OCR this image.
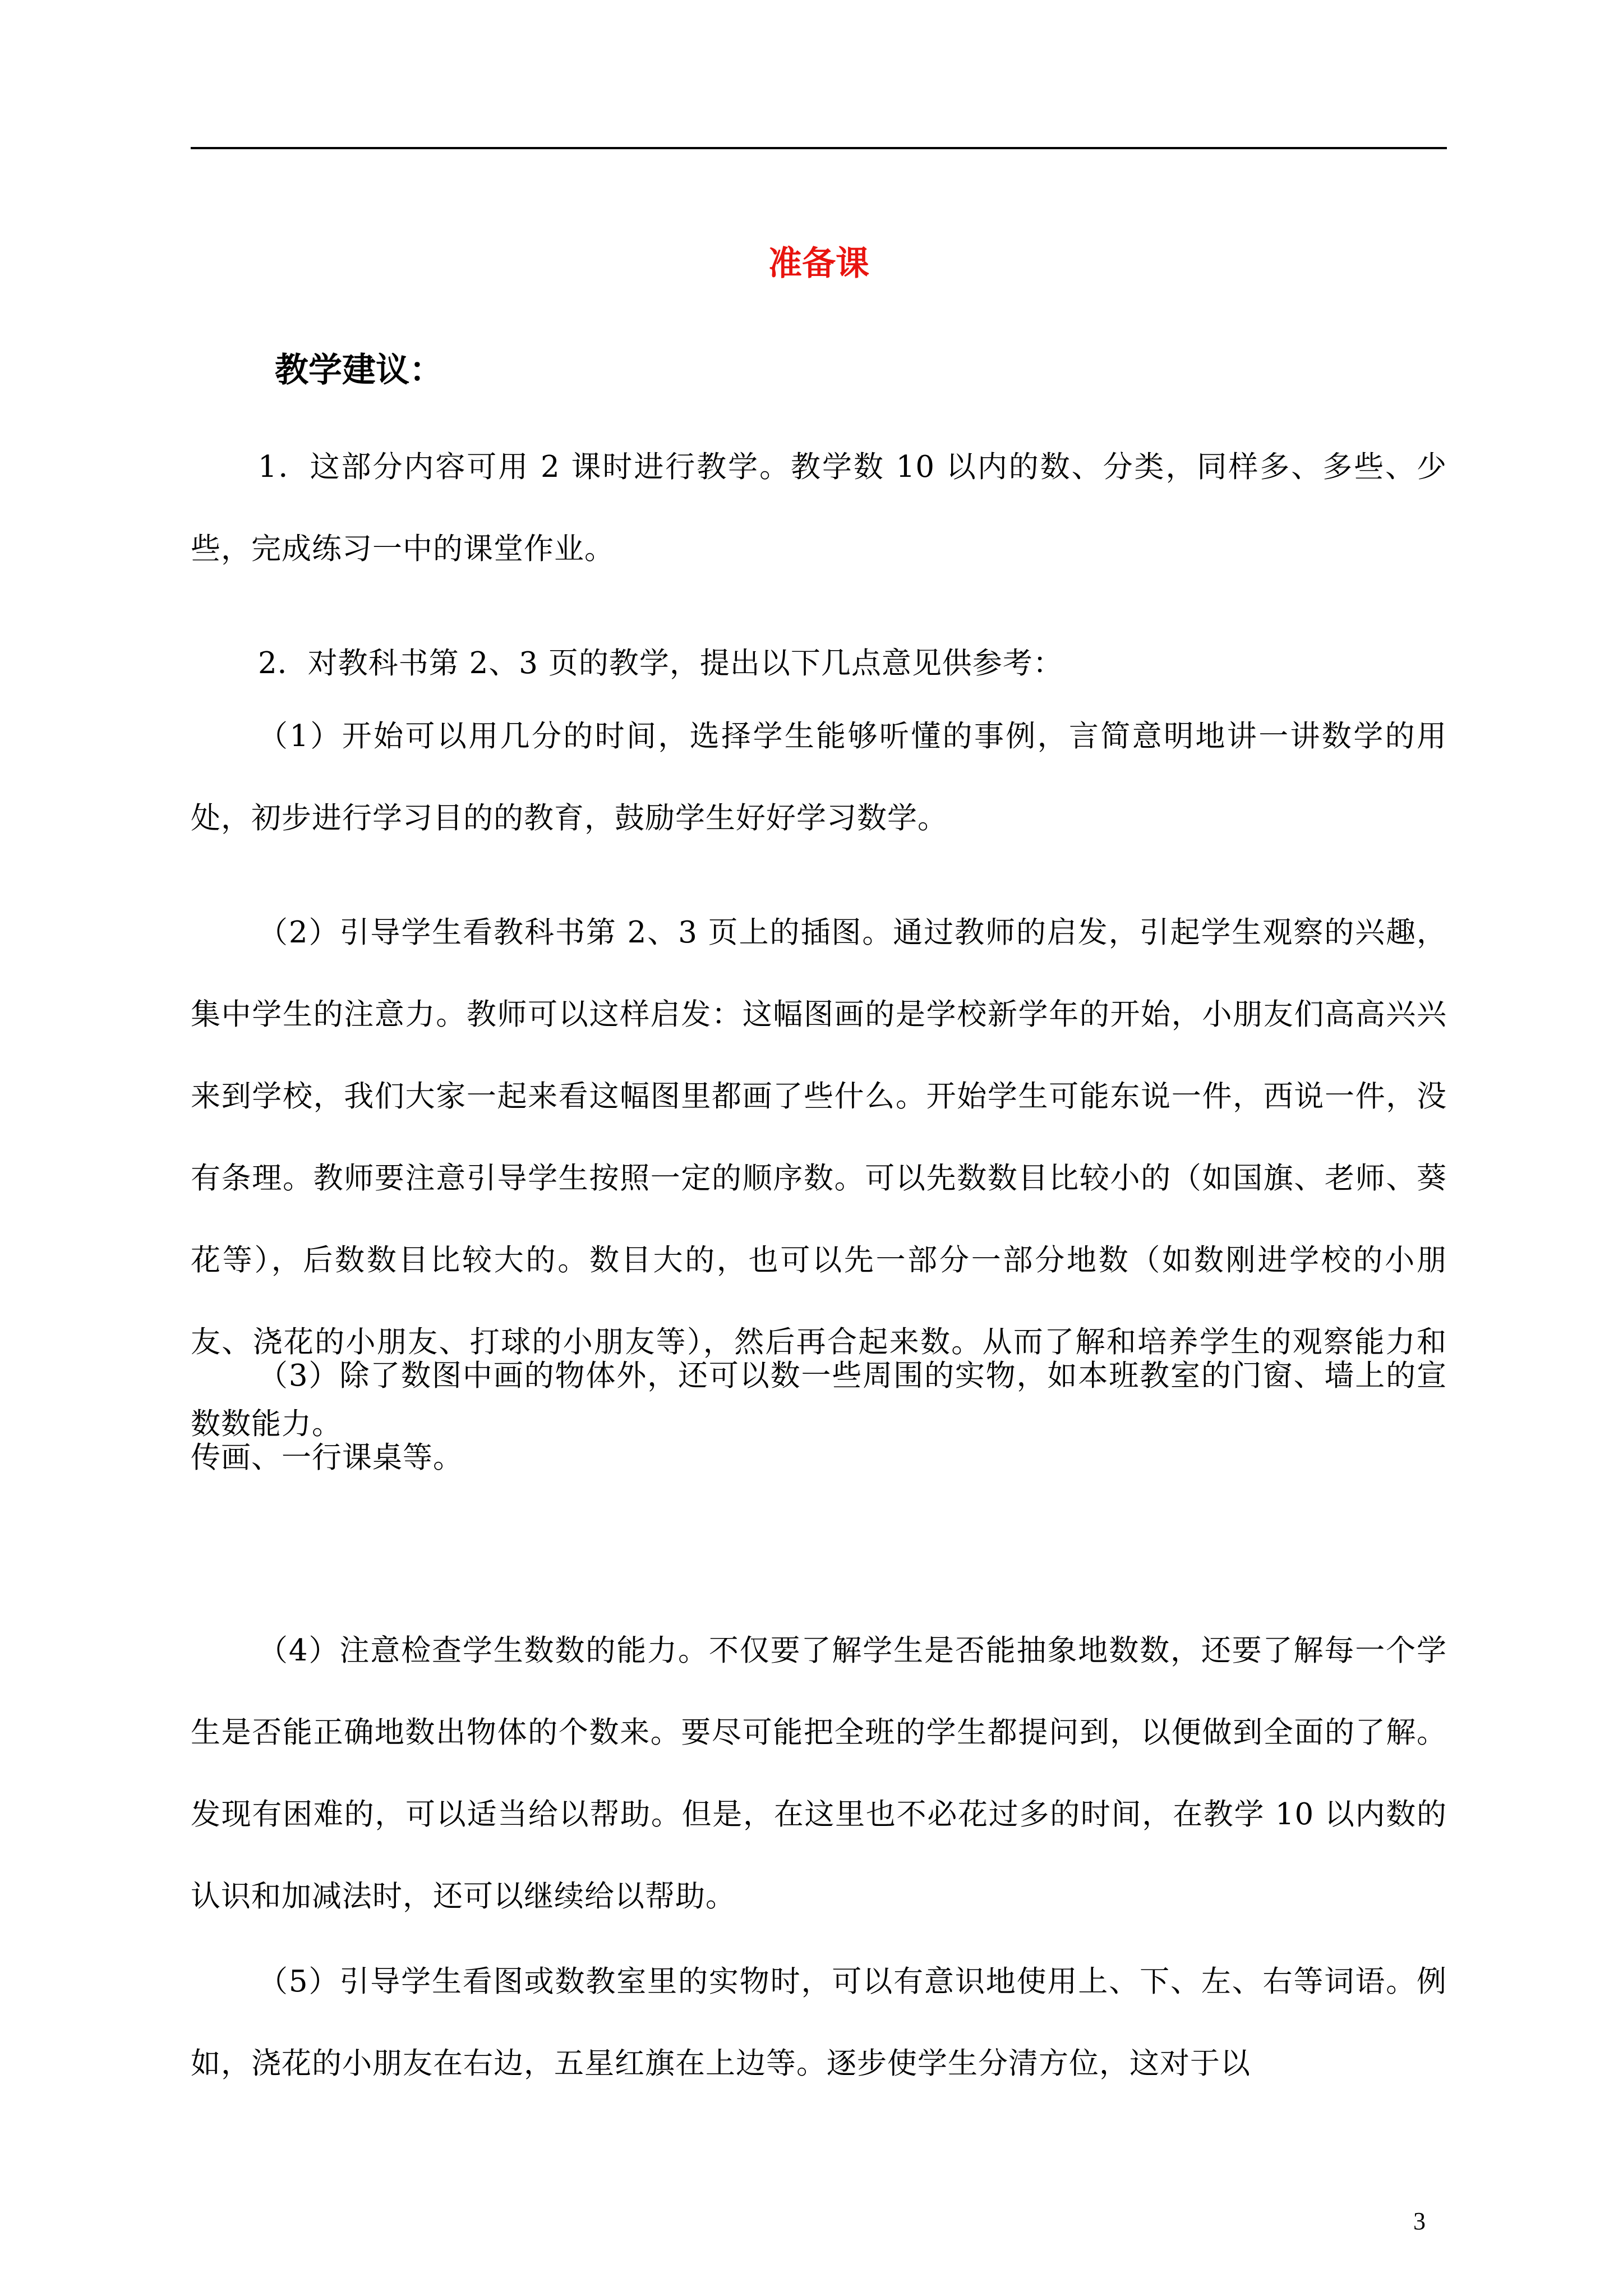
准备课
教学建议：

1．这部分内容可用 2 课时进行教学。教学数 10 以内的数、分类，同样多、多些、少些，完成练习一中的课堂作业。

2．对教科书第 2、3 页的教学，提出以下几点意见供参考：

（1）开始可以用几分的时间，选择学生能够听懂的事例，言简意明地讲一讲数学的用处，初步进行学习目的的教育，鼓励学生好好学习数学。

（2）引导学生看教科书第 2、3 页上的插图。通过教师的启发，引起学生观察的兴趣，集中学生的注意力。教师可以这样启发：这幅图画的是学校新学年的开始，小朋友们高高兴兴来到学校，我们大家一起来看这幅图里都画了些什么。开始学生可能东说一件，西说一件，没有条理。教师要注意引导学生按照一定的顺序数。可以先数数目比较小的（如国旗、老师、葵花等），后数数目比较大的。数目大的，也可以先一部分一部分地数（如数刚进学校的小朋友、浇花的小朋友、打球的小朋友等），然后再合起来数。从而了解和培养学生的观察能力和数数能力。

（3）除了数图中画的物体外，还可以数一些周围的实物，如本班教室的门窗、墙上的宣传画、一行课桌等。

（4）注意检查学生数数的能力。不仅要了解学生是否能抽象地数数，还要了解每一个学生是否能正确地数出物体的个数来。要尽可能把全班的学生都提问到，以便做到全面的了解。发现有困难的，可以适当给以帮助。但是，在这里也不必花过多的时间，在教学 10 以内数的认识和加减法时，还可以继续给以帮助。

（5）引导学生看图或数教室里的实物时，可以有意识地使用上、下、左、右等词语。例如，浇花的小朋友在右边，五星红旗在上边等。逐步使学生分清方位，这对于以

3
